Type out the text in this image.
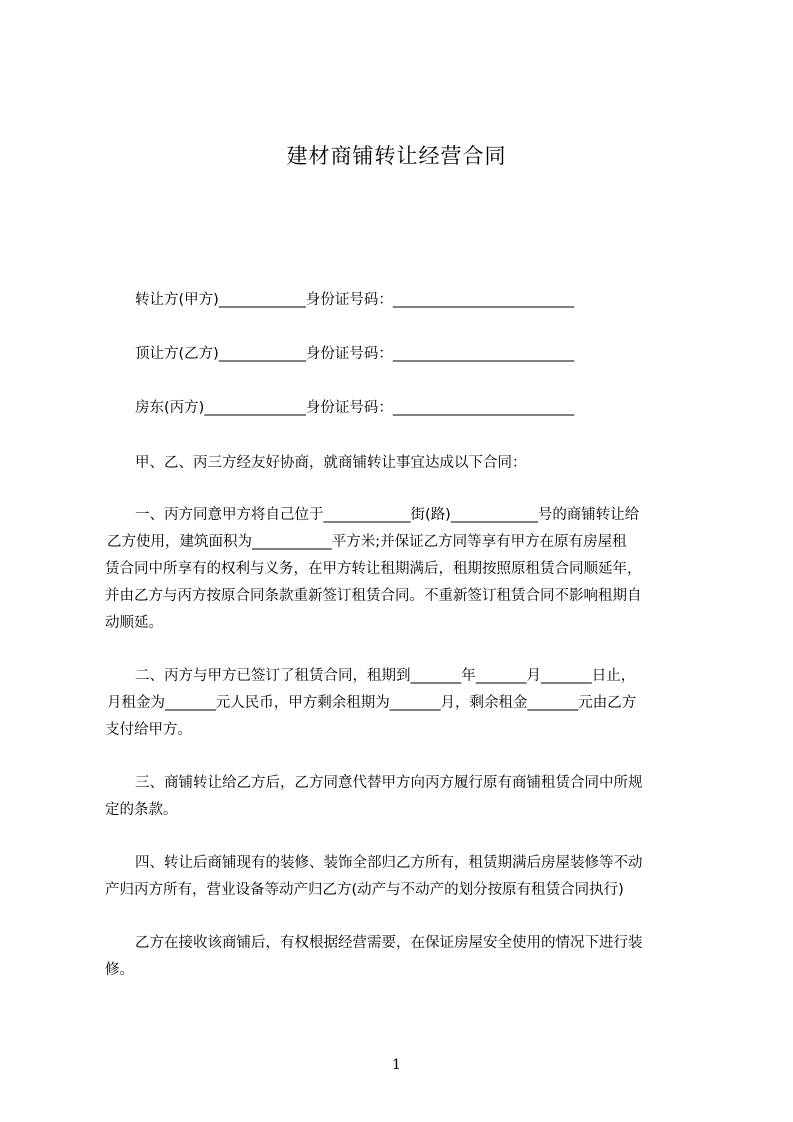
建材商铺转让经营合同
转让方(甲方)____________身份证号码：_________________________
顶让方(乙方)____________身份证号码：_________________________
房东(丙方)______________身份证号码：_________________________
甲、乙、丙三方经友好协商，就商铺转让事宜达成以下合同：
一、丙方同意甲方将自己位于____________街(路)____________号的商铺转让给
乙方使用，建筑面积为___________平方米;并保证乙方同等享有甲方在原有房屋租
赁合同中所享有的权利与义务，在甲方转让租期满后，租期按照原租赁合同顺延年，
并由乙方与丙方按原合同条款重新签订租赁合同。不重新签订租赁合同不影响租期自
动顺延。
二、丙方与甲方已签订了租赁合同，租期到_______年_______月_______日止，
月租金为_______元人民币，甲方剩余租期为_______月，剩余租金_______元由乙方
支付给甲方。
三、商铺转让给乙方后，乙方同意代替甲方向丙方履行原有商铺租赁合同中所规
定的条款。
四、转让后商铺现有的装修、装饰全部归乙方所有，租赁期满后房屋装修等不动
产归丙方所有，营业设备等动产归乙方(动产与不动产的划分按原有租赁合同执行)
乙方在接收该商铺后，有权根据经营需要，在保证房屋安全使用的情况下进行装
修。
1
